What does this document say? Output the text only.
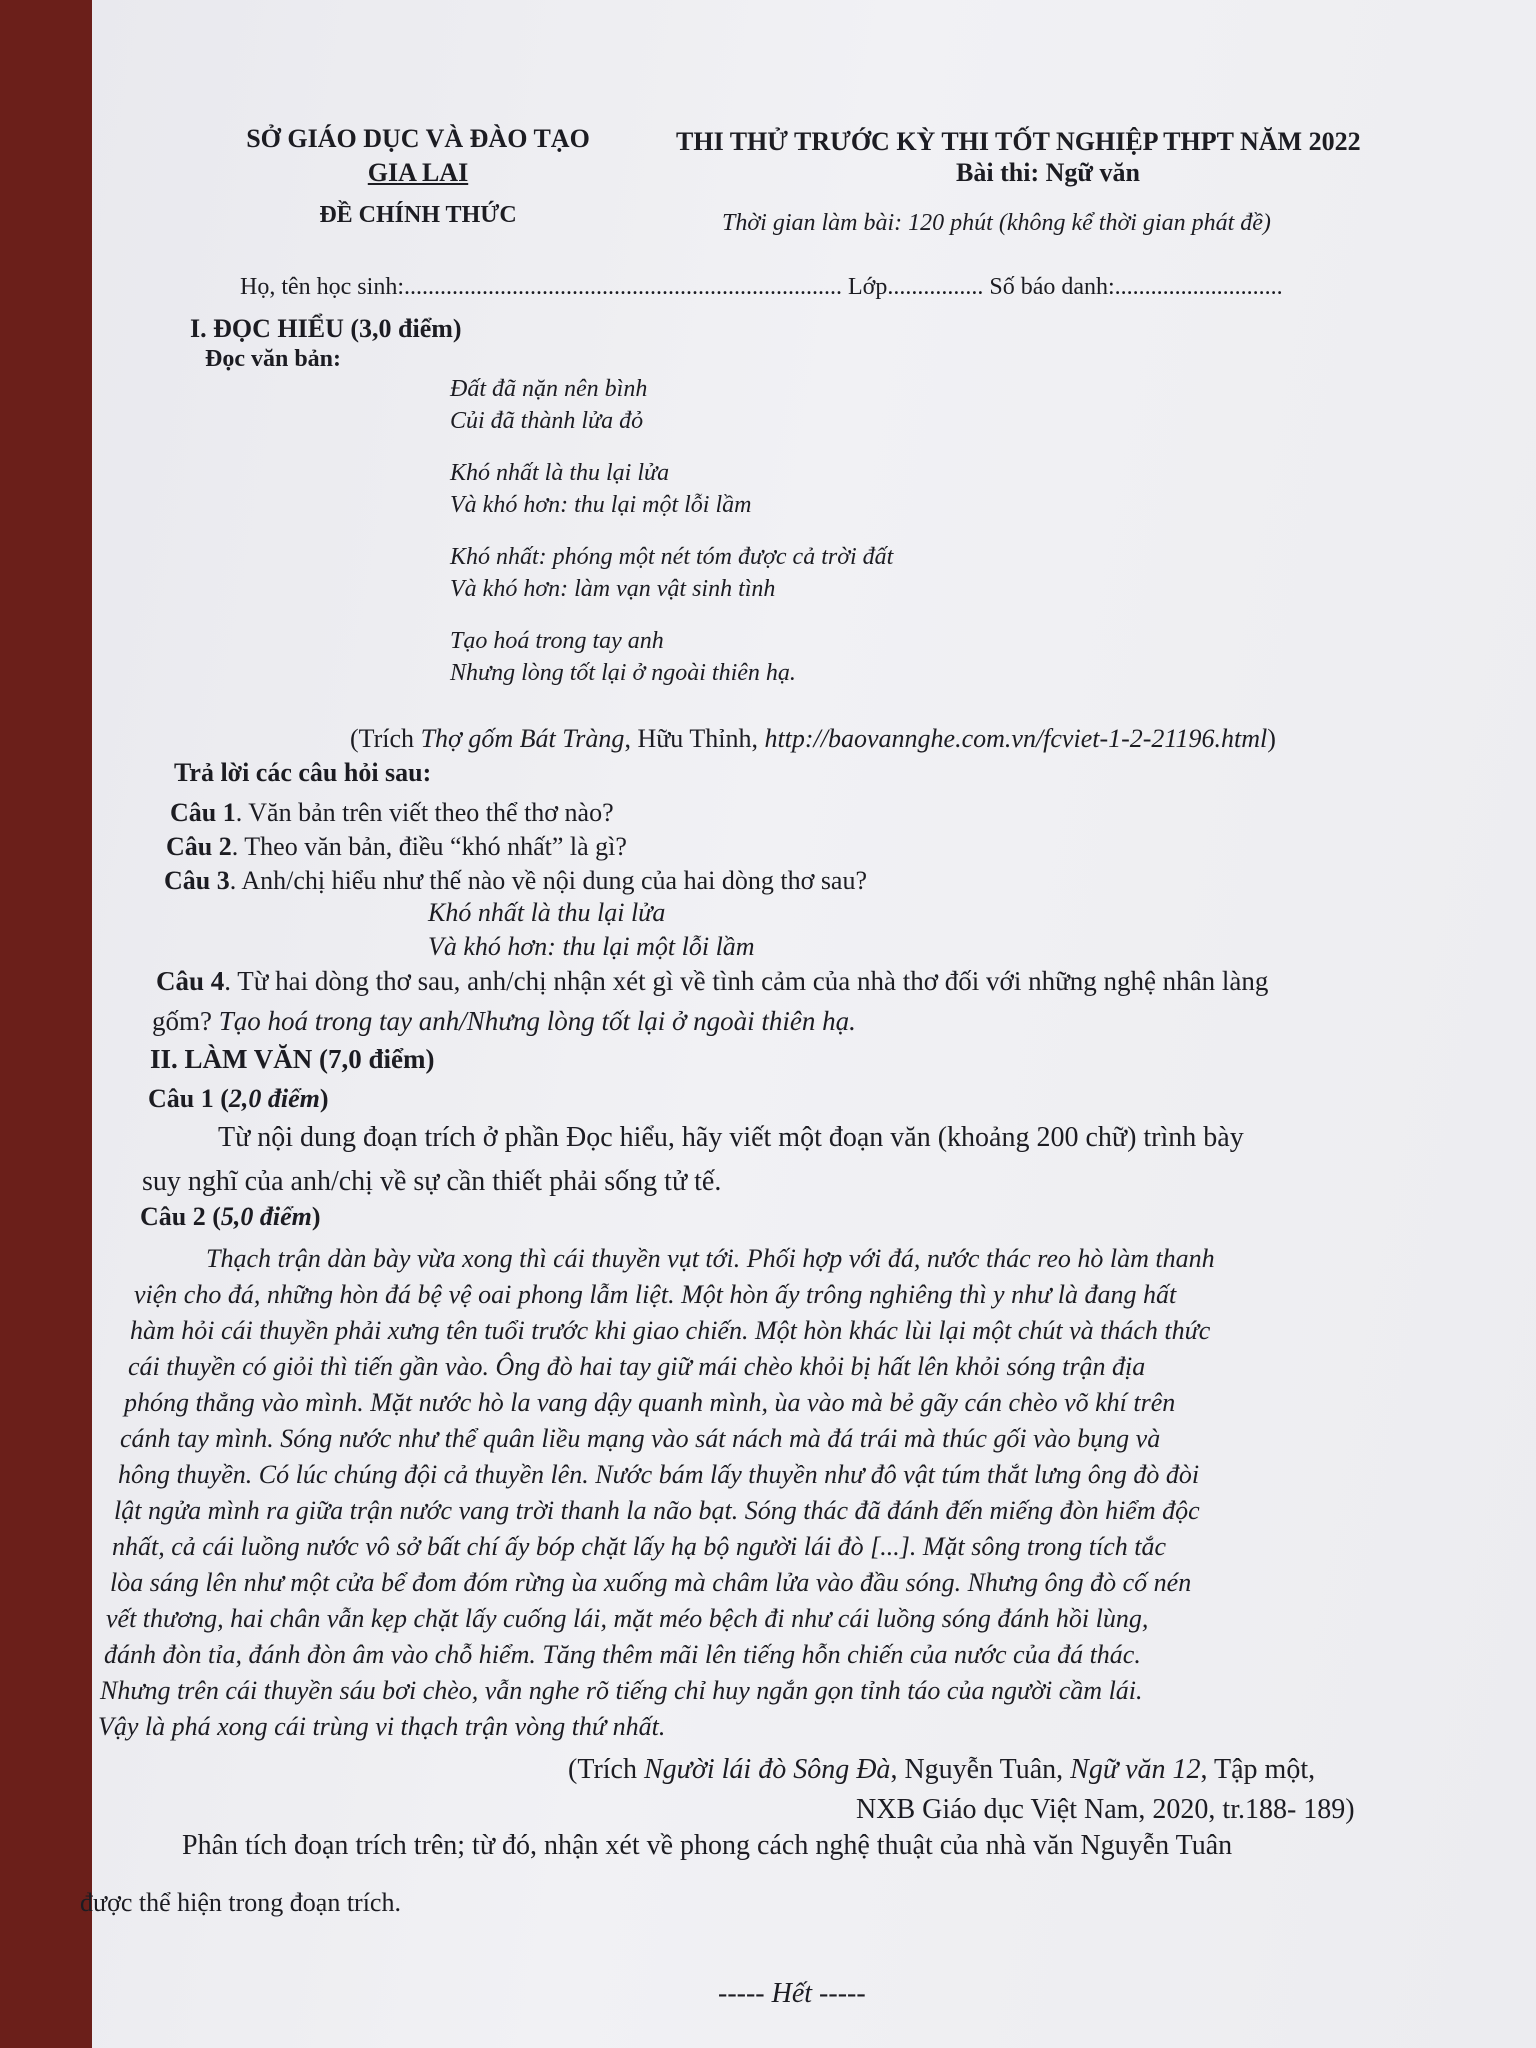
SỞ GIÁO DỤC VÀ ĐÀO TẠO
GIA LAI
ĐỀ CHÍNH THỨC
THI THỬ TRƯỚC KỲ THI TỐT NGHIỆP THPT NĂM 2022
Bài thi: Ngữ văn
Thời gian làm bài: 120 phút (không kể thời gian phát đề)
Họ, tên học sinh:......................................................................... Lớp................ Số báo danh:............................
I. ĐỌC HIỂU (3,0 điểm)
Đọc văn bản:
Đất đã nặn nên bình
Củi đã thành lửa đỏ
Khó nhất là thu lại lửa
Và khó hơn: thu lại một lỗi lầm
Khó nhất: phóng một nét tóm được cả trời đất
Và khó hơn: làm vạn vật sinh tình
Tạo hoá trong tay anh
Nhưng lòng tốt lại ở ngoài thiên hạ.
(Trích Thợ gốm Bát Tràng, Hữu Thỉnh, http://baovannghe.com.vn/fcviet-1-2-21196.html)
Trả lời các câu hỏi sau:
Câu 1. Văn bản trên viết theo thể thơ nào?
Câu 2. Theo văn bản, điều “khó nhất” là gì?
Câu 3. Anh/chị hiểu như thế nào về nội dung của hai dòng thơ sau?
Khó nhất là thu lại lửa
Và khó hơn: thu lại một lỗi lầm
Câu 4. Từ hai dòng thơ sau, anh/chị nhận xét gì về tình cảm của nhà thơ đối với những nghệ nhân làng
gốm? Tạo hoá trong tay anh/Nhưng lòng tốt lại ở ngoài thiên hạ.
II. LÀM VĂN (7,0 điểm)
Câu 1 (2,0 điểm)
Từ nội dung đoạn trích ở phần Đọc hiểu, hãy viết một đoạn văn (khoảng 200 chữ) trình bày
suy nghĩ của anh/chị về sự cần thiết phải sống tử tế.
Câu 2 (5,0 điểm)
Thạch trận dàn bày vừa xong thì cái thuyền vụt tới. Phối hợp với đá, nước thác reo hò làm thanh
viện cho đá, những hòn đá bệ vệ oai phong lẫm liệt. Một hòn ấy trông nghiêng thì y như là đang hất
hàm hỏi cái thuyền phải xưng tên tuổi trước khi giao chiến. Một hòn khác lùi lại một chút và thách thức
cái thuyền có giỏi thì tiến gần vào. Ông đò hai tay giữ mái chèo khỏi bị hất lên khỏi sóng trận địa
phóng thẳng vào mình. Mặt nước hò la vang dậy quanh mình, ùa vào mà bẻ gãy cán chèo võ khí trên
cánh tay mình. Sóng nước như thể quân liều mạng vào sát nách mà đá trái mà thúc gối vào bụng và
hông thuyền. Có lúc chúng đội cả thuyền lên. Nước bám lấy thuyền như đô vật túm thắt lưng ông đò đòi
lật ngửa mình ra giữa trận nước vang trời thanh la não bạt. Sóng thác đã đánh đến miếng đòn hiểm độc
nhất, cả cái luồng nước vô sở bất chí ấy bóp chặt lấy hạ bộ người lái đò [...]. Mặt sông trong tích tắc
lòa sáng lên như một cửa bể đom đóm rừng ùa xuống mà châm lửa vào đầu sóng. Nhưng ông đò cố nén
vết thương, hai chân vẫn kẹp chặt lấy cuống lái, mặt méo bệch đi như cái luồng sóng đánh hồi lùng,
đánh đòn tỉa, đánh đòn âm vào chỗ hiểm. Tăng thêm mãi lên tiếng hỗn chiến của nước của đá thác.
Nhưng trên cái thuyền sáu bơi chèo, vẫn nghe rõ tiếng chỉ huy ngắn gọn tỉnh táo của người cầm lái.
Vậy là phá xong cái trùng vi thạch trận vòng thứ nhất.
(Trích Người lái đò Sông Đà, Nguyễn Tuân, Ngữ văn 12, Tập một,
NXB Giáo dục Việt Nam, 2020, tr.188- 189)
Phân tích đoạn trích trên; từ đó, nhận xét về phong cách nghệ thuật của nhà văn Nguyễn Tuân
được thể hiện trong đoạn trích.
----- Hết -----
